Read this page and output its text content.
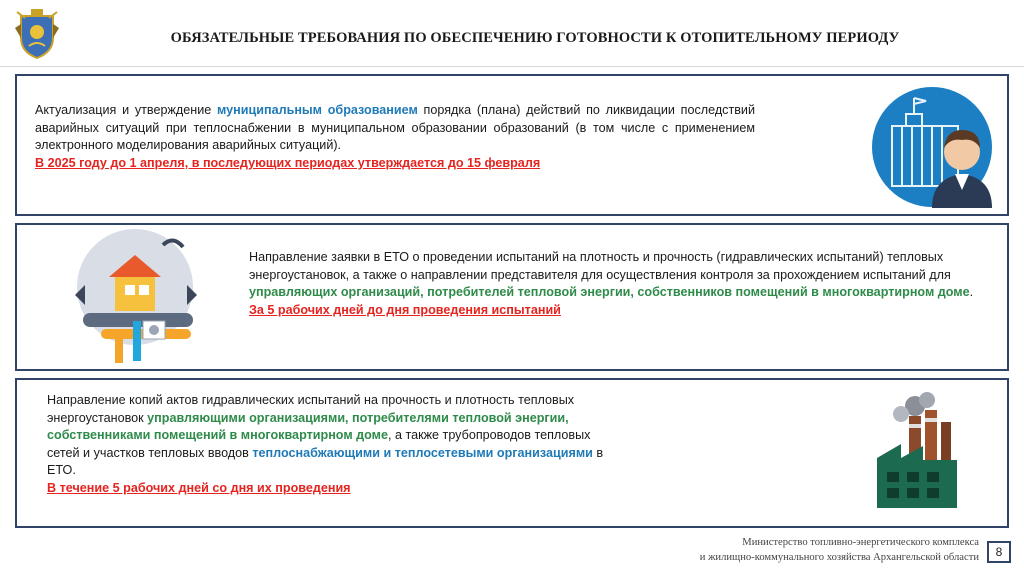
ОБЯЗАТЕЛЬНЫЕ ТРЕБОВАНИЯ ПО ОБЕСПЕЧЕНИЮ ГОТОВНОСТИ К ОТОПИТЕЛЬНОМУ ПЕРИОДУ
Актуализация и утверждение муниципальным образованием порядка (плана) действий по ликвидации последствий аварийных ситуаций при теплоснабжении в муниципальном образовании образований (в том числе с применением электронного моделирования аварийных ситуаций).
В 2025 году до 1 апреля, в последующих периодах утверждается до 15 февраля
Направление заявки в ЕТО о проведении испытаний на плотность и прочность (гидравлических испытаний) тепловых энергоустановок, а также о направлении представителя для осуществления контроля за прохождением испытаний для управляющих организаций, потребителей тепловой энергии, собственников помещений в многоквартирном доме.
За 5 рабочих дней до дня проведения испытаний
Направление копий актов гидравлических испытаний на прочность и плотность тепловых энергоустановок управляющими организациями, потребителями тепловой энергии, собственниками помещений в многоквартирном доме, а также трубопроводов тепловых сетей и участков тепловых вводов теплоснабжающими и теплосетевыми организациями в ЕТО.
В течение 5 рабочих дней со дня их проведения
Министерство топливно-энергетического комплекса
и жилищно-коммунального хозяйства Архангельской области	8
